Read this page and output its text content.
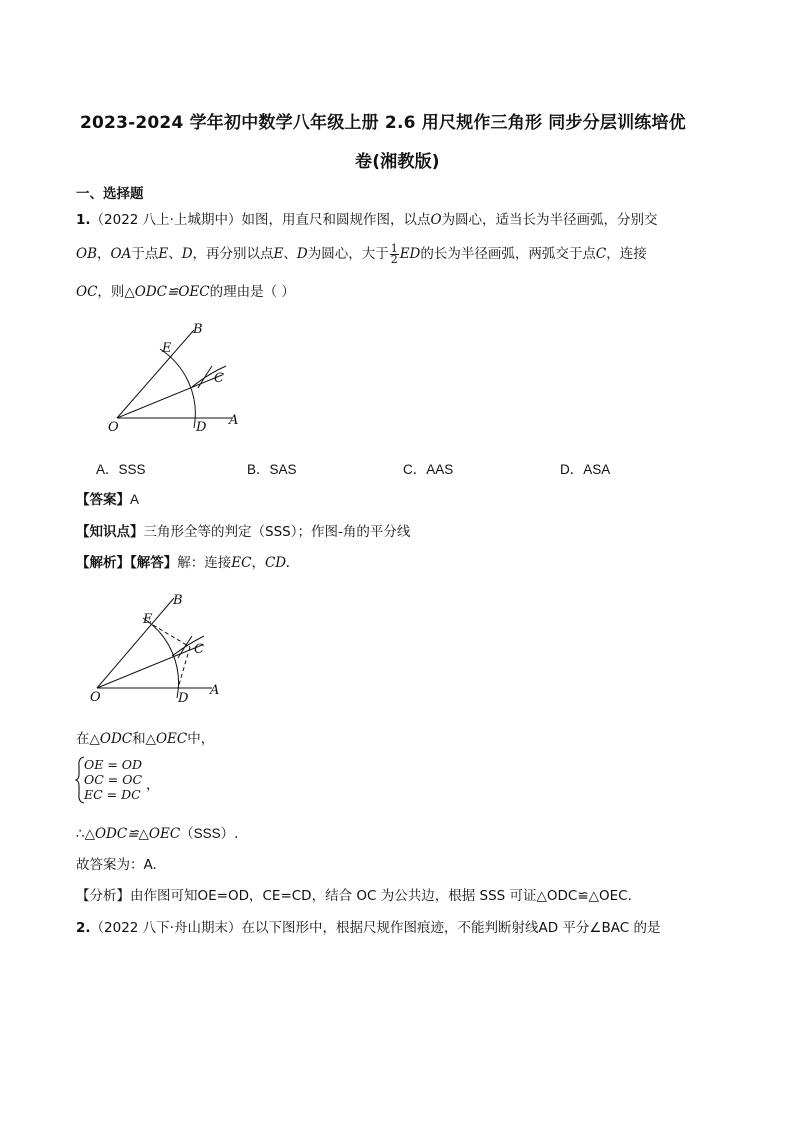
2023-2024 学年初中数学八年级上册 2.6 用尺规作三角形 同步分层训练培优
卷(湘教版)
一、选择题
1.（2022 八上·上城期中）如图，用直尺和圆规作图，以点O为圆心，适当长为半径画弧，分别交
OB，OA于点E、D，再分别以点E、D为圆心，大于 $\frac{1}{2}$ ED的长为半径画弧，两弧交于点C，连接
OC，则△ODC≌OEC的理由是（ ）
O	D A
B
E
C
A．SSS	B．SAS	C．AAS	D．ASA
【答案】A
【知识点】三角形全等的判定（SSS）；作图-角的平分线
【解析】【解答】解：连接EC，CD.
O	D
A
B
E
C
在△ODC和△OEC中，
OE = OD
OC = OC
EC = DC
，
∴△ODC≌△OEC（SSS）.
故答案为：A.
【分析】由作图可知OE=OD，CE=CD，结合 OC 为公共边，根据 SSS 可证△ODC≌△OEC.
2.（2022 八下·舟山期末）在以下图形中，根据尺规作图痕迹，不能判断射线AD 平分∠BAC 的是
